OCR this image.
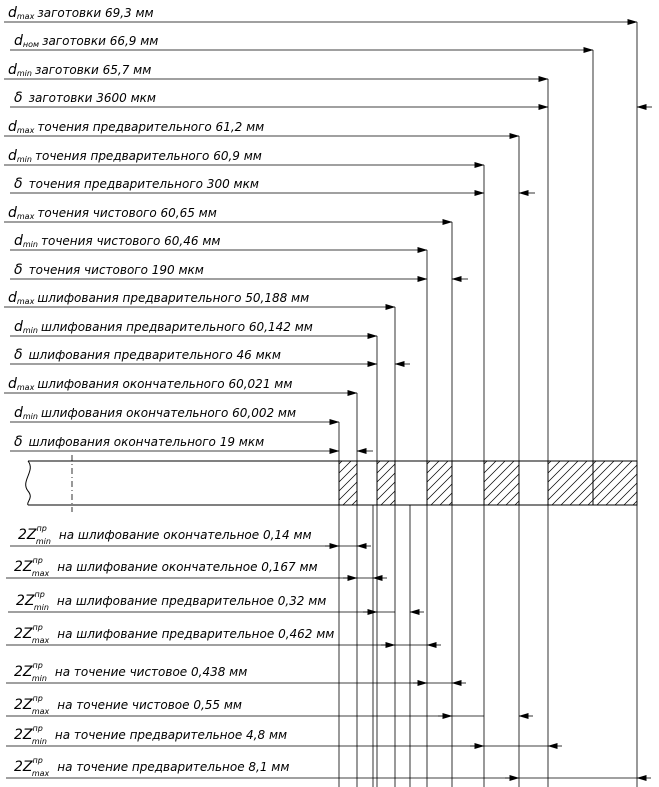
dmax заготовки 69,3 мм
dном заготовки 66,9 мм
dmin заготовки 65,7 мм
δ заготовки 3600 мкм
dmax точения предварительного 61,2 мм
dmin точения предварительного 60,9 мм
δ точения предварительного 300 мкм
dmax точения чистового 60,65 мм
dmin точения чистового 60,46 мм
δ точения чистового 190 мкм
dmax шлифования предварительного 50,188 мм
dmin шлифования предварительного 60,142 мм
δ шлифования предварительного 46 мкм
dmax шлифования окончательного 60,021 мм
dmin шлифования окончательного 60,002 мм
δ шлифования окончательного 19 мкм
$2Z^{пр}$ min на шлифование окончательное 0,14 мм
$2Z^{пр}$ max на шлифование окончательное 0,167 мм
$2Z^{пр}$ min на шлифование предварительное 0,32 мм
$2Z^{пр}$ max на шлифование предварительное 0,462 мм
$2Z^{пр}$ min на точение чистовое 0,438 мм
$2Z^{пр}$ max на точение чистовое 0,55 мм
$2Z^{пр}$ min на точение предварительное 4,8 мм
$2Z^{пр}$ max на точение предварительное 8,1 мм
